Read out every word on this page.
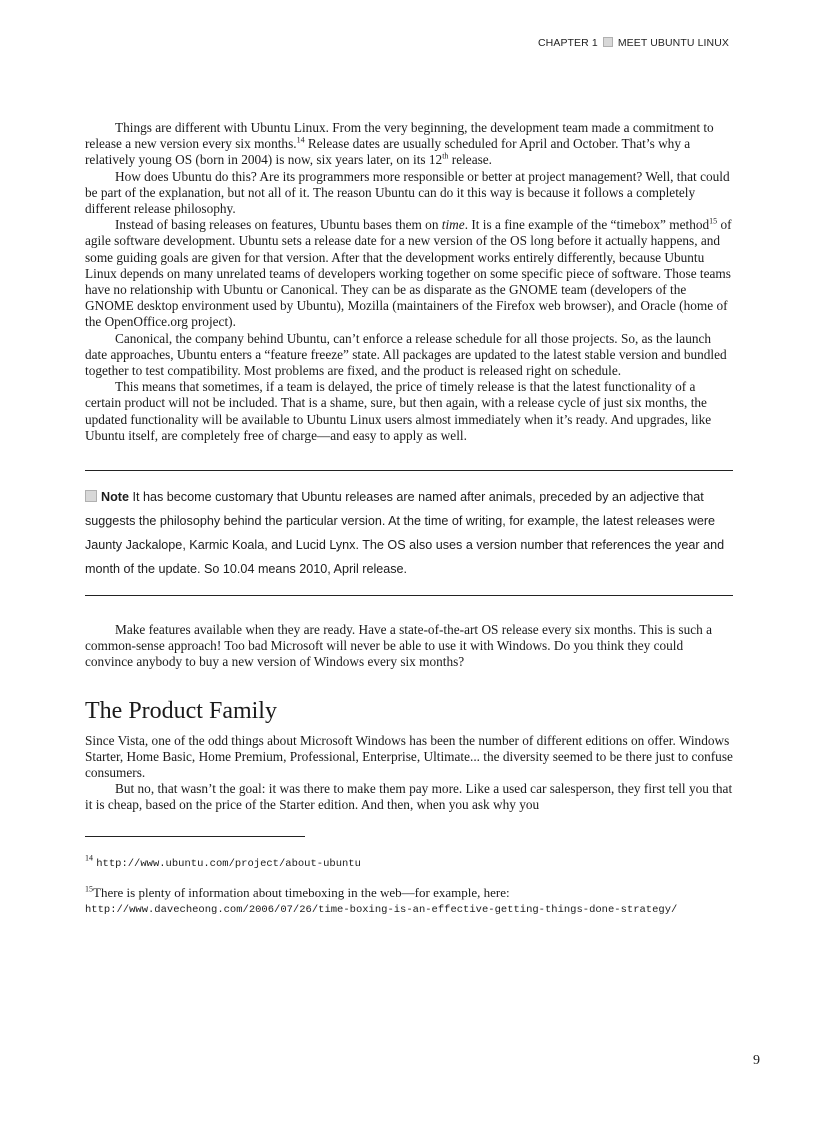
CHAPTER 1 MEET UBUNTU LINUX

Things are different with Ubuntu Linux. From the very beginning, the development team made a commitment to release a new version every six months.$^{14}$ Release dates are usually scheduled for April and October. That’s why a relatively young OS (born in 2004) is now, six years later, on its 12th release.

How does Ubuntu do this? Are its programmers more responsible or better at project management? Well, that could be part of the explanation, but not all of it. The reason Ubuntu can do it this way is because it follows a completely different release philosophy.

Instead of basing releases on features, Ubuntu bases them on time. It is a fine example of the “timebox” method$^{15}$ of agile software development. Ubuntu sets a release date for a new version of the OS long before it actually happens, and some guiding goals are given for that version. After that the development works entirely differently, because Ubuntu Linux depends on many unrelated teams of developers working together on some specific piece of software. Those teams have no relationship with Ubuntu or Canonical. They can be as disparate as the GNOME team (developers of the GNOME desktop environment used by Ubuntu), Mozilla (maintainers of the Firefox web browser), and Oracle (home of the OpenOffice.org project).

Canonical, the company behind Ubuntu, can’t enforce a release schedule for all those projects. So, as the launch date approaches, Ubuntu enters a “feature freeze” state. All packages are updated to the latest stable version and bundled together to test compatibility. Most problems are fixed, and the product is released right on schedule.

This means that sometimes, if a team is delayed, the price of timely release is that the latest functionality of a certain product will not be included. That is a shame, sure, but then again, with a release cycle of just six months, the updated functionality will be available to Ubuntu Linux users almost immediately when it’s ready. And upgrades, like Ubuntu itself, are completely free of charge—and easy to apply as well.

Note It has become customary that Ubuntu releases are named after animals, preceded by an adjective that suggests the philosophy behind the particular version. At the time of writing, for example, the latest releases were Jaunty Jackalope, Karmic Koala, and Lucid Lynx. The OS also uses a version number that references the year and month of the update. So 10.04 means 2010, April release.

Make features available when they are ready. Have a state-of-the-art OS release every six months. This is such a common-sense approach! Too bad Microsoft will never be able to use it with Windows. Do you think they could convince anybody to buy a new version of Windows every six months?

The Product Family

Since Vista, one of the odd things about Microsoft Windows has been the number of different editions on offer. Windows Starter, Home Basic, Home Premium, Professional, Enterprise, Ultimate... the diversity seemed to be there just to confuse consumers.

But no, that wasn’t the goal: it was there to make them pay more. Like a used car salesperson, they first tell you that it is cheap, based on the price of the Starter edition. And then, when you ask why you

$^{14}$ http://www.ubuntu.com/project/about-ubuntu

$^{15}$There is plenty of information about timeboxing in the web—for example, here:
http://www.davecheong.com/2006/07/26/time-boxing-is-an-effective-getting-things-done-strategy/

9
